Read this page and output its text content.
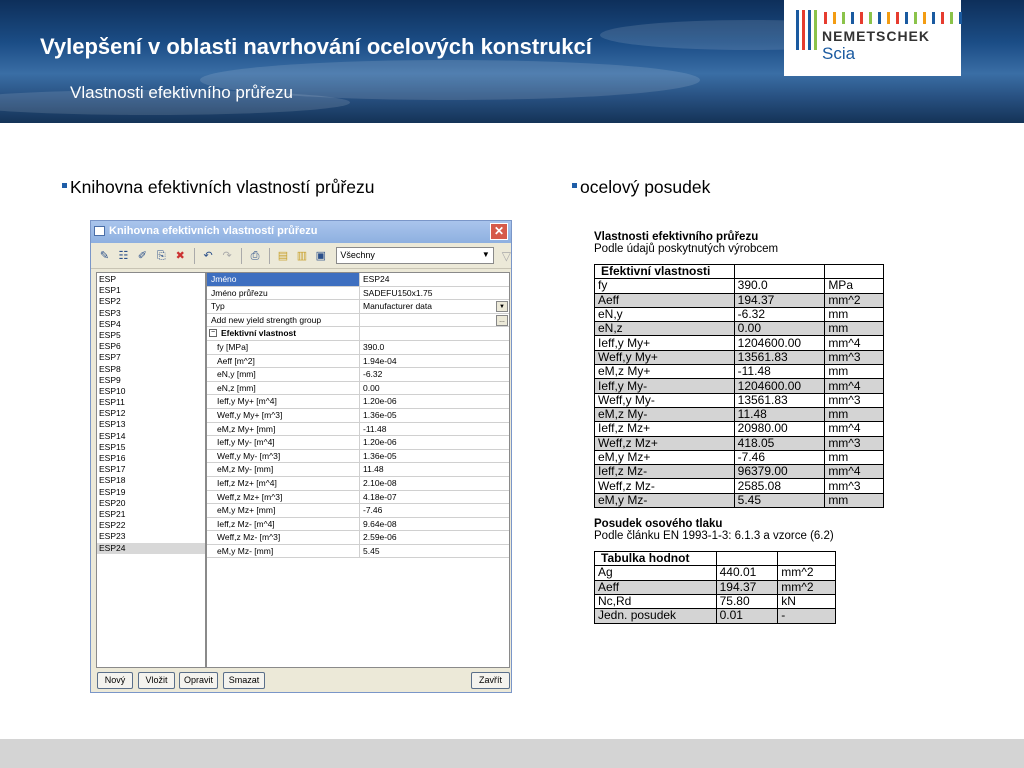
Vylepšení v oblasti navrhování ocelových konstrukcí
Vlastnosti efektivního průřezu
NEMETSCHEK
Scia
Knihovna efektivních vlastností průřezu	ocelový posudek
Knihovna efektivních vlastností průřezu	✕
✎ ☷ ✐ ⎘ ✖ ↶ ↷ ⎙ ▤ ▥ ▣	Všechny	▼ ▽
ESP
ESP1
ESP2
ESP3
ESP4
ESP5
ESP6
ESP7
ESP8
ESP9
ESP10
ESP11
ESP12
ESP13
ESP14
ESP15
ESP16
ESP17
ESP18
ESP19
ESP20
ESP21
ESP22
ESP23
ESP24
Jméno	ESP24
Jméno průřezu	SADEFU150x1.75
Typ	Manufacturer data	▼
Add new yield strength group	…
− Efektivní vlastnost
fy [MPa]	390.0
Aeff [m^2]	1.94e-04
eN,y [mm]	-6.32
eN,z [mm]	0.00
Ieff,y My+ [m^4]	1.20e-06
Weff,y My+ [m^3]	1.36e-05
eM,z My+ [mm]	-11.48
Ieff,y My- [m^4]	1.20e-06
Weff,y My- [m^3]	1.36e-05
eM,z My- [mm]	11.48
Ieff,z Mz+ [m^4]	2.10e-08
Weff,z Mz+ [m^3]	4.18e-07
eM,y Mz+ [mm]	-7.46
Ieff,z Mz- [m^4]	9.64e-08
Weff,z Mz- [m^3]	2.59e-06
eM,y Mz- [mm]	5.45
Nový	Vložit	Opravit	Smazat	Zavřít
Vlastnosti efektivního průřezu
Podle údajů poskytnutých výrobcem
Efektivní vlastnosti		
fy	390.0	MPa
Aeff	194.37	mm^2
eN,y	-6.32	mm
eN,z	0.00	mm
Ieff,y My+	1204600.00	mm^4
Weff,y My+	13561.83	mm^3
eM,z My+	-11.48	mm
Ieff,y My-	1204600.00	mm^4
Weff,y My-	13561.83	mm^3
eM,z My-	11.48	mm
Ieff,z Mz+	20980.00	mm^4
Weff,z Mz+	418.05	mm^3
eM,y Mz+	-7.46	mm
Ieff,z Mz-	96379.00	mm^4
Weff,z Mz-	2585.08	mm^3
eM,y Mz-	5.45	mm
Posudek osového tlaku
Podle článku EN 1993-1-3: 6.1.3 a vzorce (6.2)
Tabulka hodnot		
Ag	440.01	mm^2
Aeff	194.37	mm^2
Nc,Rd	75.80	kN
Jedn. posudek	0.01	-
